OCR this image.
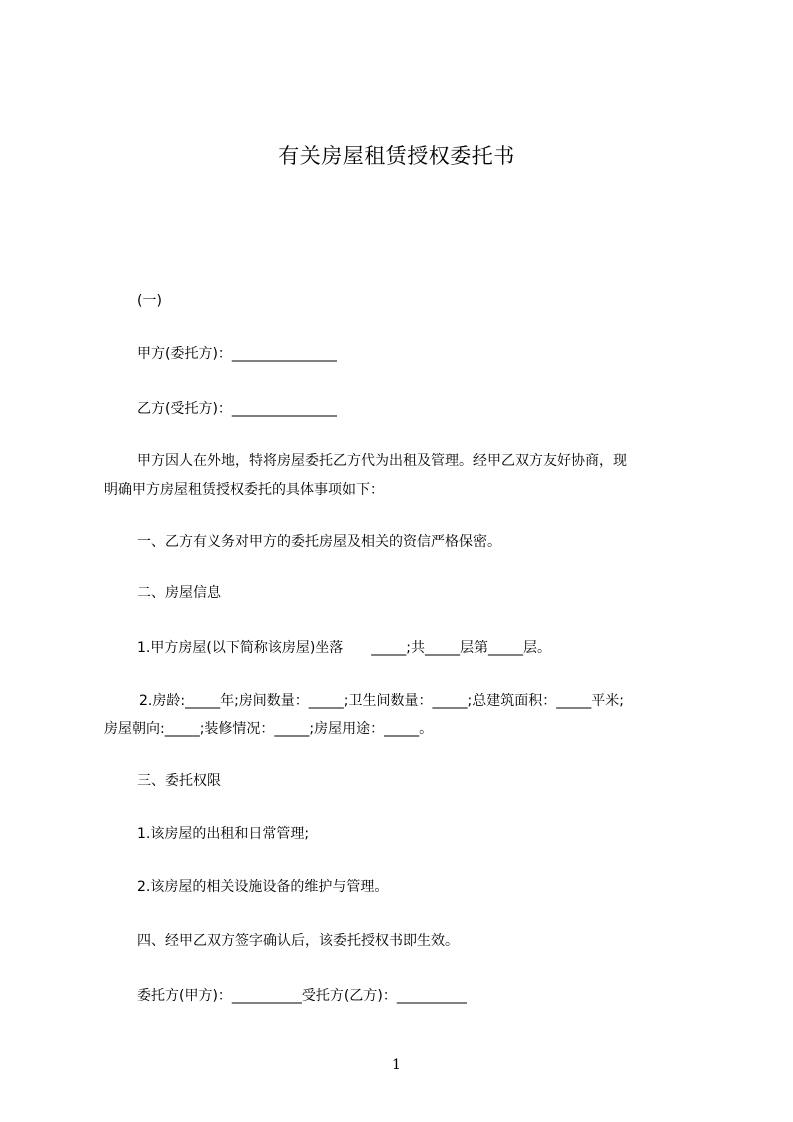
有关房屋租赁授权委托书
(一)
甲方(委托方)：_______________
乙方(受托方)：_______________
甲方因人在外地，特将房屋委托乙方代为出租及管理。经甲乙双方友好协商，现
明确甲方房屋租赁授权委托的具体事项如下：
一、乙方有义务对甲方的委托房屋及相关的资信严格保密。
二、房屋信息
1.甲方房屋(以下简称该房屋)坐落　　_____;共_____层第_____层。
2.房龄:_____年;房间数量：_____;卫生间数量：_____;总建筑面积：_____平米;
房屋朝向:_____;装修情况：_____;房屋用途：_____。
三、委托权限
1.该房屋的出租和日常管理;
2.该房屋的相关设施设备的维护与管理。
四、经甲乙双方签字确认后，该委托授权书即生效。
委托方(甲方)：__________受托方(乙方)：__________
1
